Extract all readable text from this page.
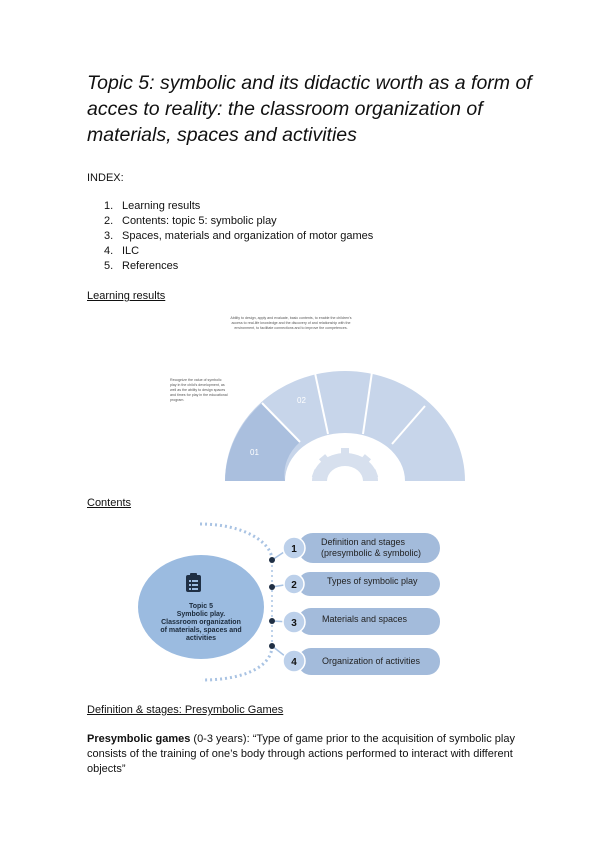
Topic 5: symbolic and its didactic worth as a form of acces to reality: the classroom organization of materials, spaces and activities
INDEX:
1. Learning results
2. Contents: topic 5: symbolic play
3. Spaces, materials and organization of motor games
4. ILC
5. References
Learning results
Ability to design, apply and evaluate, basic contents, to enable the children's access to real-life knowledge and the discovery of and relationship with the environment, to facilitate connections and to improve the competences.
Recognize the value of symbolic play in the child's development, as well as the ability to design spaces and times for play in the educational program.
01
02
Contents
1
2
3
4
Definition and stages
(presymbolic & symbolic)
Types of symbolic play
Materials and spaces
Organization of activities
Topic 5
Symbolic play.
Classroom organization
of materials, spaces and
activities
Definition & stages: Presymbolic Games
Presymbolic games (0-3 years): “Type of game prior to the acquisition of symbolic play consists of the training of one’s body through actions performed to interact with different objects”
